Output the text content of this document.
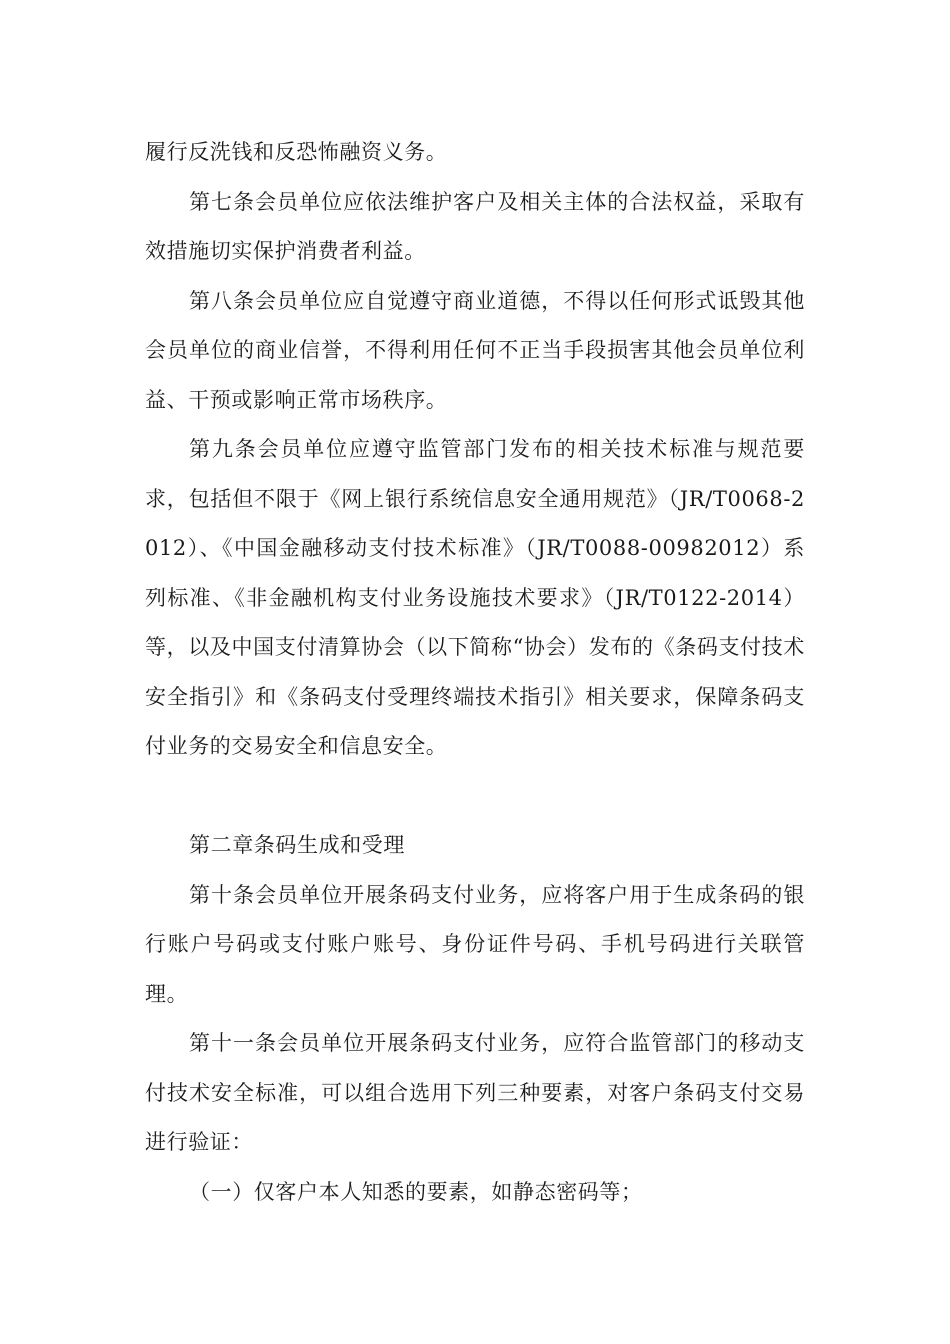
履行反洗钱和反恐怖融资义务。

第七条会员单位应依法维护客户及相关主体的合法权益，采取有效措施切实保护消费者利益。

第八条会员单位应自觉遵守商业道德，不得以任何形式诋毁其他会员单位的商业信誉，不得利用任何不正当手段损害其他会员单位利益、干预或影响正常市场秩序。

第九条会员单位应遵守监管部门发布的相关技术标准与规范要求，包括但不限于《网上银行系统信息安全通用规范》（JR/T0068-2012）、《中国金融移动支付技术标准》（JR/T0088-00982012）系列标准、《非金融机构支付业务设施技术要求》（JR/T0122-2014）等，以及中国支付清算协会（以下简称“协会）发布的《条码支付技术安全指引》和《条码支付受理终端技术指引》相关要求，保障条码支付业务的交易安全和信息安全。

第二章条码生成和受理

第十条会员单位开展条码支付业务，应将客户用于生成条码的银行账户号码或支付账户账号、身份证件号码、手机号码进行关联管理。

第十一条会员单位开展条码支付业务，应符合监管部门的移动支付技术安全标准，可以组合选用下列三种要素，对客户条码支付交易进行验证：

（一）仅客户本人知悉的要素，如静态密码等；
